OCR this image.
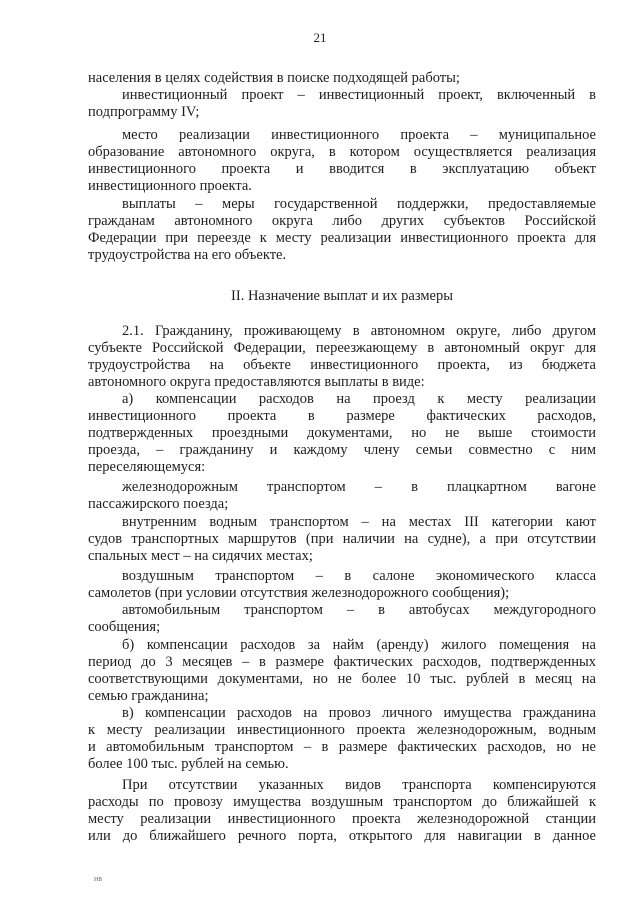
21
населения в целях содействия в поиске подходящей работы;
инвестиционный проект – инвестиционный проект, включенный в
подпрограмму IV;
место реализации инвестиционного проекта – муниципальное
образование автономного округа, в котором осуществляется реализация
инвестиционного проекта и вводится в эксплуатацию объект
инвестиционного проекта.
выплаты – меры государственной поддержки, предоставляемые
гражданам автономного округа либо других субъектов Российской
Федерации при переезде к месту реализации инвестиционного проекта для
трудоустройства на его объекте.
II. Назначение выплат и их размеры
2.1. Гражданину, проживающему в автономном округе, либо другом
субъекте Российской Федерации, переезжающему в автономный округ для
трудоустройства на объекте инвестиционного проекта, из бюджета
автономного округа предоставляются выплаты в виде:
а) компенсации расходов на проезд к месту реализации
инвестиционного проекта в размере фактических расходов,
подтвержденных проездными документами, но не выше стоимости
проезда, – гражданину и каждому члену семьи совместно с ним
переселяющемуся:
железнодорожным транспортом – в плацкартном вагоне
пассажирского поезда;
внутренним водным транспортом – на местах III категории кают
судов транспортных маршрутов (при наличии на судне), а при отсутствии
спальных мест – на сидячих местах;
воздушным транспортом – в салоне экономического класса
самолетов (при условии отсутствия железнодорожного сообщения);
автомобильным транспортом – в автобусах междугородного
сообщения;
б) компенсации расходов за найм (аренду) жилого помещения на
период до 3 месяцев – в размере фактических расходов, подтвержденных
соответствующими документами, но не более 10 тыс. рублей в месяц на
семью гражданина;
в) компенсации расходов на провоз личного имущества гражданина
к месту реализации инвестиционного проекта железнодорожным, водным
и автомобильным транспортом – в размере фактических расходов, но не
более 100 тыс. рублей на семью.
При отсутствии указанных видов транспорта компенсируются
расходы по провозу имущества воздушным транспортом до ближайшей к
месту реализации инвестиционного проекта железнодорожной станции
или до ближайшего речного порта, открытого для навигации в данное
ив
